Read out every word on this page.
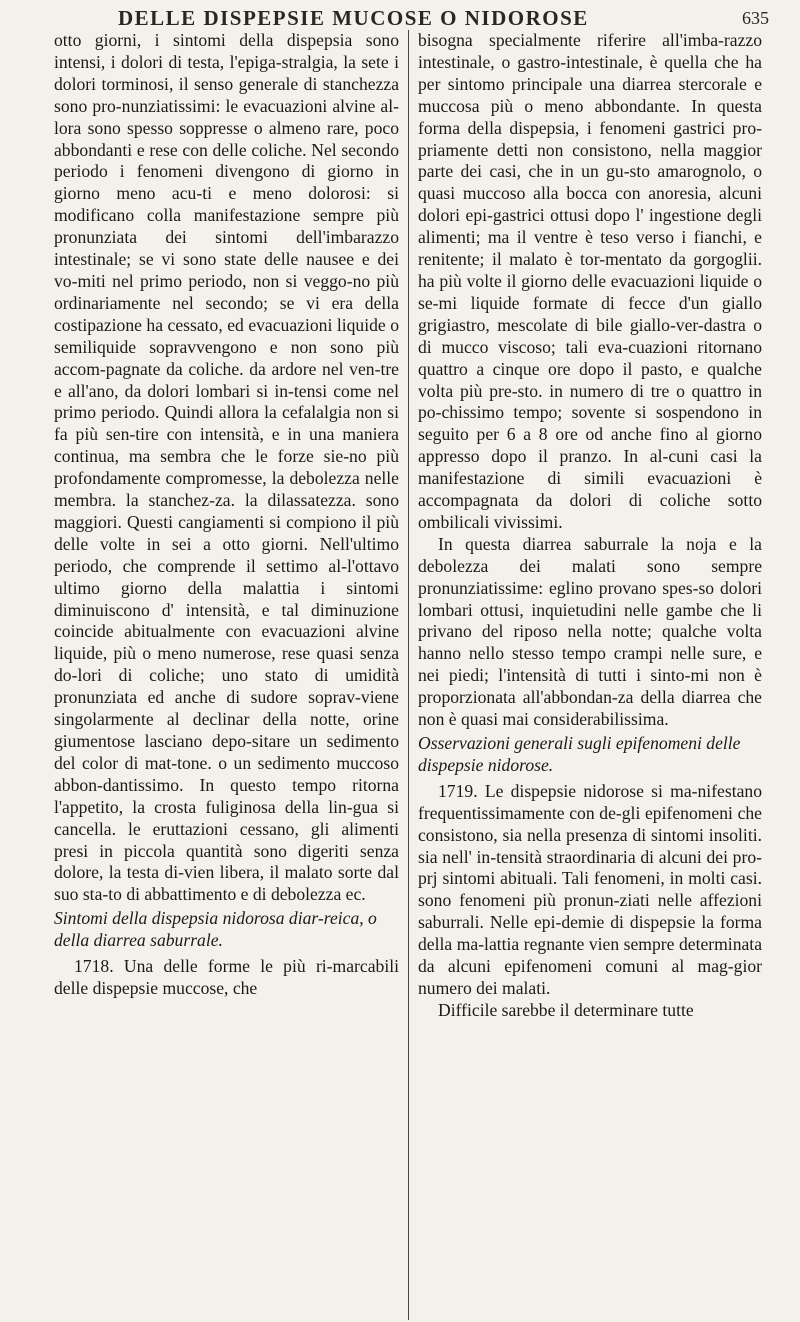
DELLE DISPEPSIE MUCOSE O NIDOROSE	635

otto giorni, i sintomi della dispepsia sono intensi, i dolori di testa, l'epiga-stralgia, la sete i dolori torminosi, il senso generale di stanchezza sono pro-nunziatissimi: le evacuazioni alvine al-lora sono spesso soppresse o almeno rare, poco abbondanti e rese con delle coliche. Nel secondo periodo i fenomeni divengono di giorno in giorno meno acu-ti e meno dolorosi: si modificano colla manifestazione sempre più pronunziata dei sintomi dell'imbarazzo intestinale; se vi sono state delle nausee e dei vo-miti nel primo periodo, non si veggo-no più ordinariamente nel secondo; se vi era della costipazione ha cessato, ed evacuazioni liquide o semiliquide sopravvengono e non sono più accom-pagnate da coliche. da ardore nel ven-tre e all'ano, da dolori lombari si in-tensi come nel primo periodo. Quindi allora la cefalalgia non si fa più sen-tire con intensità, e in una maniera continua, ma sembra che le forze sie-no più profondamente compromesse, la debolezza nelle membra. la stanchez-za. la dilassatezza. sono maggiori. Questi cangiamenti si compiono il più delle volte in sei a otto giorni. Nell'ultimo periodo, che comprende il settimo al-l'ottavo ultimo giorno della malattia i sintomi diminuiscono d' intensità, e tal diminuzione coincide abitualmente con evacuazioni alvine liquide, più o meno numerose, rese quasi senza do-lori di coliche; uno stato di umidità pronunziata ed anche di sudore soprav-viene singolarmente al declinar della notte, orine giumentose lasciano depo-sitare un sedimento del color di mat-tone. o un sedimento muccoso abbon-dantissimo. In questo tempo ritorna l'appetito, la crosta fuliginosa della lin-gua si cancella. le eruttazioni cessano, gli alimenti presi in piccola quantità sono digeriti senza dolore, la testa di-vien libera, il malato sorte dal suo sta-to di abbattimento e di debolezza ec.

Sintomi della dispepsia nidorosa diar-reica, o della diarrea saburrale.

1718. Una delle forme le più ri-marcabili delle dispepsie muccose, che

bisogna specialmente riferire all'imba-razzo intestinale, o gastro-intestinale, è quella che ha per sintomo principale una diarrea stercorale e muccosa più o meno abbondante. In questa forma della dispepsia, i fenomeni gastrici pro-priamente detti non consistono, nella maggior parte dei casi, che in un gu-sto amarognolo, o quasi muccoso alla bocca con anoresia, alcuni dolori epi-gastrici ottusi dopo l' ingestione degli alimenti; ma il ventre è teso verso i fianchi, e renitente; il malato è tor-mentato da gorgoglii. ha più volte il giorno delle evacuazioni liquide o se-mi liquide formate di fecce d'un giallo grigiastro, mescolate di bile giallo-ver-dastra o di mucco viscoso; tali eva-cuazioni ritornano quattro a cinque ore dopo il pasto, e qualche volta più pre-sto. in numero di tre o quattro in po-chissimo tempo; sovente si sospendono in seguito per 6 a 8 ore od anche fino al giorno appresso dopo il pranzo. In al-cuni casi la manifestazione di simili evacuazioni è accompagnata da dolori di coliche sotto ombilicali vivissimi.

In questa diarrea saburrale la noja e la debolezza dei malati sono sempre pronunziatissime: eglino provano spes-so dolori lombari ottusi, inquietudini nelle gambe che li privano del riposo nella notte; qualche volta hanno nello stesso tempo crampi nelle sure, e nei piedi; l'intensità di tutti i sinto-mi non è proporzionata all'abbondan-za della diarrea che non è quasi mai considerabilissima.

Osservazioni generali sugli epifenomeni delle dispepsie nidorose.

1719. Le dispepsie nidorose si ma-nifestano frequentissimamente con de-gli epifenomeni che consistono, sia nella presenza di sintomi insoliti. sia nell' in-tensità straordinaria di alcuni dei pro-prj sintomi abituali. Tali fenomeni, in molti casi. sono fenomeni più pronun-ziati nelle affezioni saburrali. Nelle epi-demie di dispepsie la forma della ma-lattia regnante vien sempre determinata da alcuni epifenomeni comuni al mag-gior numero dei malati.

Difficile sarebbe il determinare tutte
